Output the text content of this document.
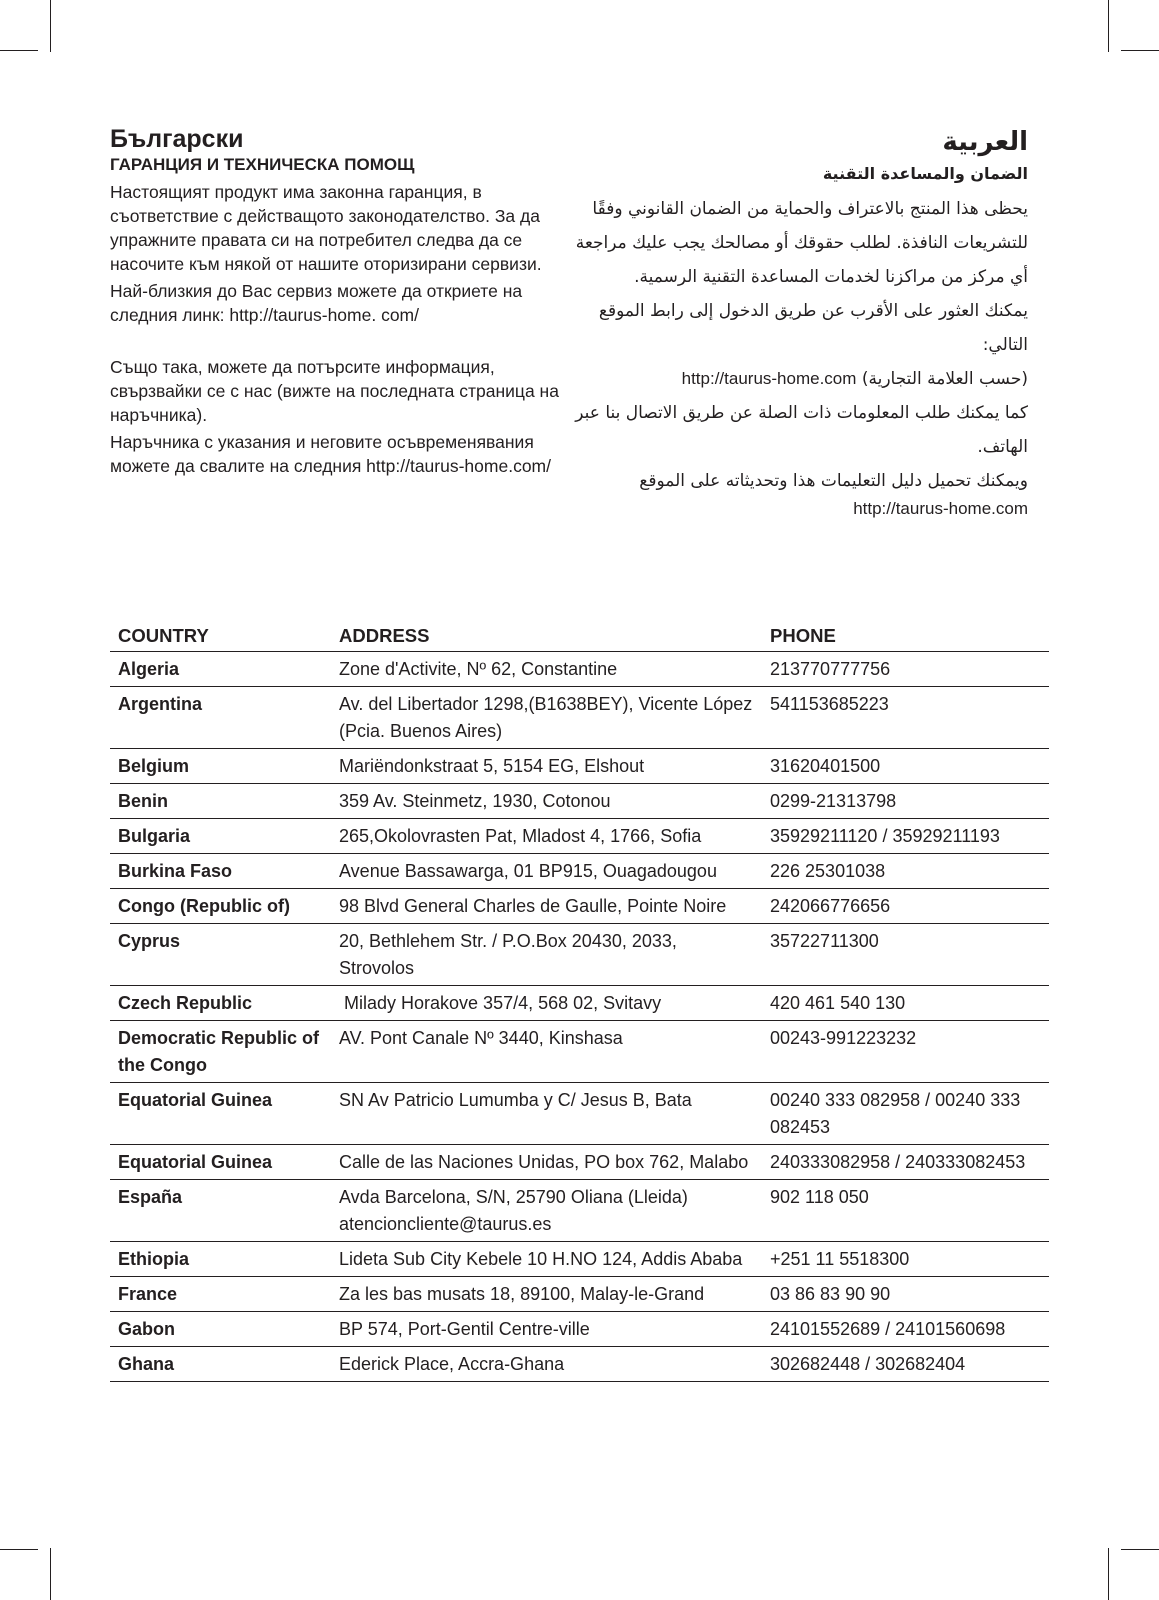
Български
ГАРАНЦИЯ И ТЕХНИЧЕСКА ПОМОЩ

Настоящият продукт има законна гаранция, в съответствие с действащото законодателство. За да упражните правата си на потребител следва да се насочите към някой от нашите оторизирани сервизи.

Най-близкия до Вас сервиз можете да откриете на следния линк: http://taurus-home. com/

Също така, можете да потърсите информация, свързвайки се с нас (вижте на последната страница на наръчника).

Наръчника с указания и неговите осъвременявания можете да свалите на следния http://taurus-home.com/

العربية
الضمان والمساعدة التقنية

يحظى هذا المنتج بالاعتراف والحماية من الضمان القانوني وفقًا للتشريعات النافذة. لطلب حقوقك أو مصالحك يجب عليك مراجعة أي مركز من مراكزنا لخدمات المساعدة التقنية الرسمية.

يمكنك العثور على الأقرب عن طريق الدخول إلى رابط الموقع التالي:

(حسب العلامة التجارية) http://taurus-home.com

كما يمكنك طلب المعلومات ذات الصلة عن طريق الاتصال بنا عبر الهاتف.

ويمكنك تحميل دليل التعليمات هذا وتحديثاته على الموقع

http://taurus-home.com

COUNTRY	ADDRESS	PHONE
Algeria	Zone d'Activite, Nº 62, Constantine	213770777756
Argentina	Av. del Libertador 1298,(B1638BEY), Vicente López (Pcia. Buenos Aires)	541153685223
Belgium	Mariëndonkstraat 5, 5154 EG, Elshout	31620401500
Benin	359 Av. Steinmetz, 1930, Cotonou	0299-21313798
Bulgaria	265,Okolovrasten Pat, Mladost 4, 1766, Sofia	35929211120 / 35929211193
Burkina Faso	Avenue Bassawarga, 01 BP915, Ouagadougou	226 25301038
Congo (Republic of)	98 Blvd General Charles de Gaulle, Pointe Noire	242066776656
Cyprus	20, Bethlehem Str. / P.O.Box 20430, 2033, Strovolos	35722711300
Czech Republic	Milady Horakove 357/4, 568 02, Svitavy	420 461 540 130
Democratic Republic of the Congo	AV. Pont Canale Nº 3440, Kinshasa	00243-991223232
Equatorial Guinea	SN Av Patricio Lumumba y C/ Jesus B, Bata	00240 333 082958 / 00240 333 082453
Equatorial Guinea	Calle de las Naciones Unidas, PO box 762, Malabo	240333082958 / 240333082453
España	Avda Barcelona, S/N, 25790 Oliana (Lleida) atencioncliente@taurus.es	902 118 050
Ethiopia	Lideta Sub City Kebele 10 H.NO 124, Addis Ababa	+251 11 5518300
France	Za les bas musats 18, 89100, Malay-le-Grand	03 86 83 90 90
Gabon	BP 574, Port-Gentil Centre-ville	24101552689 / 24101560698
Ghana	Ederick Place, Accra-Ghana	302682448 / 302682404
